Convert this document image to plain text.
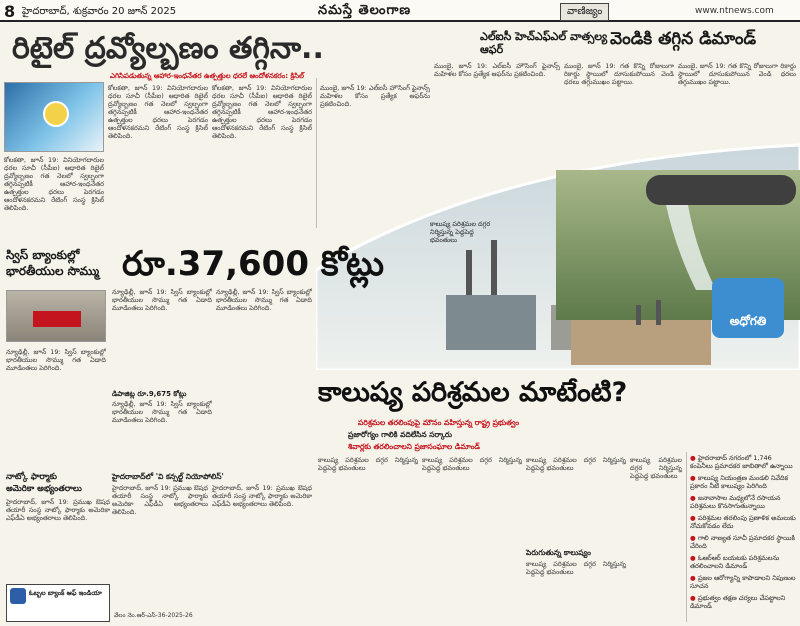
8 హైదరాబాద్, శుక్రవారం 20 జూన్ 2025	నమస్తే తెలంగాణ	వాణిజ్యం	www.ntnews.com
రిటైల్ ద్రవ్యోల్బణం తగ్గినా..
ఎగిసిపడుతున్న ఆహార-ఇంధనేతర ఉత్పత్తుల ధరలే ఆందోళనకరం: క్రిసిల్
కోలకతా, జూన్ 19: వినియోగదారుల ధరల సూచీ (సీపీఐ) ఆధారిత రిటైల్ ద్రవ్యోల్బణం గత నెలలో స్వల్పంగా తగ్గినప్పటికీ ఆహార-ఇంధనేతర ఉత్పత్తుల ధరలు పెరగడం ఆందోళనకరమని రేటింగ్ సంస్థ క్రిసిల్ తెలిపింది.
కోలకతా, జూన్ 19: వినియోగదారుల ధరల సూచీ (సీపీఐ) ఆధారిత రిటైల్ ద్రవ్యోల్బణం గత నెలలో స్వల్పంగా తగ్గినప్పటికీ ఆహార-ఇంధనేతర ఉత్పత్తుల ధరలు పెరగడం ఆందోళనకరమని రేటింగ్ సంస్థ క్రిసిల్ తెలిపింది.
కోలకతా, జూన్ 19: వినియోగదారుల ధరల సూచీ (సీపీఐ) ఆధారిత రిటైల్ ద్రవ్యోల్బణం గత నెలలో స్వల్పంగా తగ్గినప్పటికీ ఆహార-ఇంధనేతర ఉత్పత్తుల ధరలు పెరగడం ఆందోళనకరమని రేటింగ్ సంస్థ క్రిసిల్ తెలిపింది.
ఎల్ఐసీ హెచ్ఎఫ్ఎల్ వాత్సల్య ఆఫర్
ముంబై, జూన్ 19: ఎల్ఐసీ హౌసింగ్ ఫైనాన్స్ మహిళల కోసం ప్రత్యేక ఆఫర్‌ను ప్రకటించింది.
ముంబై, జూన్ 19: ఎల్ఐసీ హౌసింగ్ ఫైనాన్స్ మహిళల కోసం ప్రత్యేక ఆఫర్‌ను ప్రకటించింది.
వెండికి తగ్గిన డిమాండ్
ముంబై, జూన్ 19: గత కొన్ని రోజులుగా రికార్డు స్థాయిలో దూసుకుపోయిన వెండి ధరలు తగ్గుముఖం పట్టాయి.
ముంబై, జూన్ 19: గత కొన్ని రోజులుగా రికార్డు స్థాయిలో దూసుకుపోయిన వెండి ధరలు తగ్గుముఖం పట్టాయి.
కాలుష్య పరిశ్రమల దగ్గర నిర్మిస్తున్న పెద్దపెద్ద భవంతులు
అధోగతి
స్విస్ బ్యాంకుల్లో
భారతీయుల సొమ్ము రూ.37,600 కోట్లు
న్యూఢిల్లీ, జూన్ 19: స్విస్ బ్యాంకుల్లో భారతీయుల సొమ్ము గత ఏడాది మూడింతలు పెరిగింది.
న్యూఢిల్లీ, జూన్ 19: స్విస్ బ్యాంకుల్లో భారతీయుల సొమ్ము గత ఏడాది మూడింతలు పెరిగింది.
డిపాజిట్ల రూ.9,675 కోట్లు
న్యూఢిల్లీ, జూన్ 19: స్విస్ బ్యాంకుల్లో భారతీయుల సొమ్ము గత ఏడాది మూడింతలు పెరిగింది.
న్యూఢిల్లీ, జూన్ 19: స్విస్ బ్యాంకుల్లో భారతీయుల సొమ్ము గత ఏడాది మూడింతలు పెరిగింది.
నాట్కో ఫార్మాకు
అమెరికా అభ్యంతరాలు
హైదరాబాద్, జూన్ 19: ప్రముఖ ఔషధ తయారీ సంస్థ నాట్కో ఫార్మాకు అమెరికా ఎఫ్‌డీఏ అభ్యంతరాలు తెలిపింది.
హైదరాబాద్‌లో 'వి కన్సల్ట్ నియోపోలిస్'
హైదరాబాద్, జూన్ 19: ప్రముఖ ఔషధ తయారీ సంస్థ నాట్కో ఫార్మాకు అమెరికా ఎఫ్‌డీఏ అభ్యంతరాలు తెలిపింది.
హైదరాబాద్, జూన్ 19: ప్రముఖ ఔషధ తయారీ సంస్థ నాట్కో ఫార్మాకు అమెరికా ఎఫ్‌డీఏ అభ్యంతరాలు తెలిపింది.
ఓబ్బల బ్యాంక్ ఆఫ్ ఇండియా
వేలం నెం.ఆర్-ఎస్-36-2025-26
కాలుష్య పరిశ్రమల మాటేంటి?
పరిశ్రమల తరలింపుపై మౌనం వహిస్తున్న రాష్ట్ర ప్రభుత్వం
ప్రజారోగ్యం గాలికి వదిలేసిన సర్కారు
శివార్లకు తరలించాలని ప్రజాసంఘాల డిమాండ్
కాలుష్య పరిశ్రమల దగ్గర నిర్మిస్తున్న పెద్దపెద్ద భవంతులు
కాలుష్య పరిశ్రమల దగ్గర నిర్మిస్తున్న పెద్దపెద్ద భవంతులు
పెరుగుతున్న కాలుష్యం
కాలుష్య పరిశ్రమల దగ్గర నిర్మిస్తున్న పెద్దపెద్ద భవంతులు
కాలుష్య పరిశ్రమల దగ్గర నిర్మిస్తున్న పెద్దపెద్ద భవంతులు
కాలుష్య పరిశ్రమల దగ్గర నిర్మిస్తున్న పెద్దపెద్ద భవంతులు
● హైదరాబాద్ నగరంలో 1,746 కంపెనీలు ప్రమాదకర జాబితాలో ఉన్నాయి
● కాలుష్య నియంత్రణ మండలి నివేదిక ప్రకారం నీటి కాలుష్యం పెరిగింది
● జనావాసాల మధ్యలోనే రసాయన పరిశ్రమలు కొనసాగుతున్నాయి
● పరిశ్రమల తరలింపు ప్రణాళిక అమలుకు నోచుకోవడం లేదు
● గాలి నాణ్యత సూచీ ప్రమాదకర స్థాయికి చేరింది
● ఓఆర్ఆర్ బయటకు పరిశ్రమలను తరలించాలని డిమాండ్
● ప్రజల ఆరోగ్యాన్ని కాపాడాలని నిపుణుల సూచన
● ప్రభుత్వం తక్షణ చర్యలు చేపట్టాలని డిమాండ్
